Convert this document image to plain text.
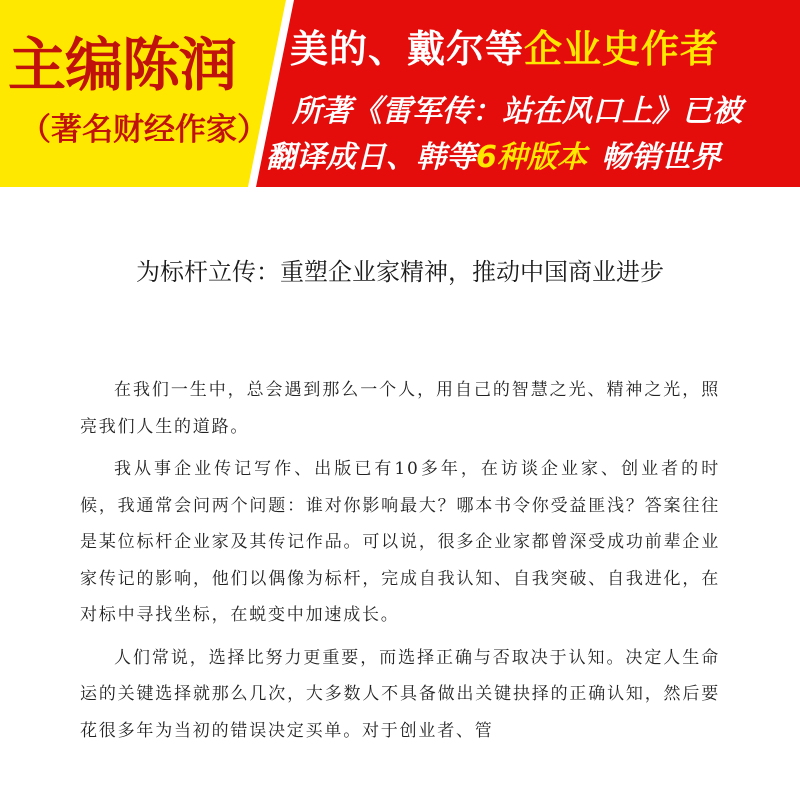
主编陈润
（著名财经作家）
美的、戴尔等企业史作者
所著《雷军传：站在风口上》已被
翻译成日、韩等6种版本 畅销世界
为标杆立传：重塑企业家精神，推动中国商业进步

在我们一生中，总会遇到那么一个人，用自己的智慧之光、精神之光，照亮我们人生的道路。

我从事企业传记写作、出版已有10多年，在访谈企业家、创业者的时候，我通常会问两个问题：谁对你影响最大？哪本书令你受益匪浅？答案往往是某位标杆企业家及其传记作品。可以说，很多企业家都曾深受成功前辈企业家传记的影响，他们以偶像为标杆，完成自我认知、自我突破、自我进化，在对标中寻找坐标，在蜕变中加速成长。

人们常说，选择比努力更重要，而选择正确与否取决于认知。决定人生命运的关键选择就那么几次，大多数人不具备做出关键抉择的正确认知，然后要花很多年为当初的错误决定买单。对于创业者、管
